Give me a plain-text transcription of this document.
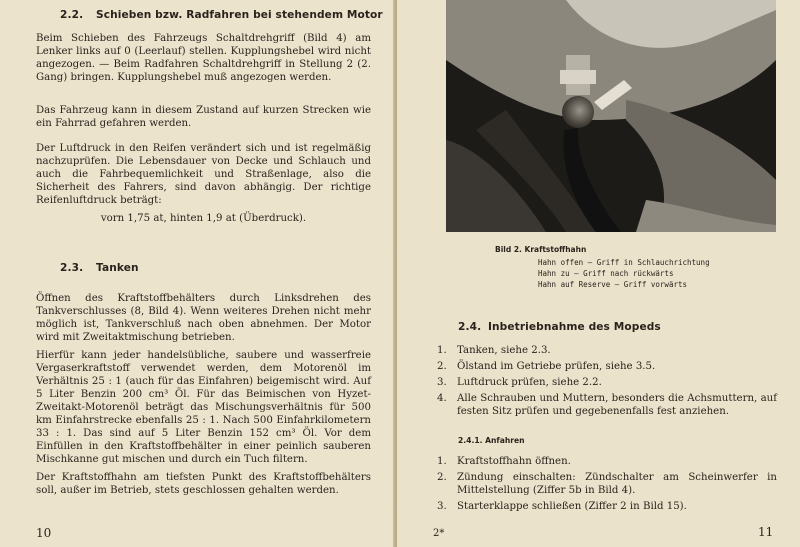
2.2. Schieben bzw. Radfahren bei stehendem Motor

Beim Schieben des Fahrzeugs Schaltdrehgriff (Bild 4) am Lenker links auf 0 (Leerlauf) stellen. Kupplungshebel wird nicht angezogen. — Beim Radfahren Schaltdrehgriff in Stellung 2 (2. Gang) bringen. Kupplungshebel muß angezogen werden.

Das Fahrzeug kann in diesem Zustand auf kurzen Strecken wie ein Fahrrad gefahren werden.

Der Luftdruck in den Reifen verändert sich und ist regelmäßig nachzuprüfen. Die Lebensdauer von Decke und Schlauch und auch die Fahrbequemlichkeit und Straßenlage, also die Sicherheit des Fahrers, sind davon abhängig. Der richtige Reifenluftdruck beträgt:

vorn 1,75 at, hinten 1,9 at (Überdruck).

2.3. Tanken

Öffnen des Kraftstoffbehälters durch Linksdrehen des Tankverschlusses (8, Bild 4). Wenn weiteres Drehen nicht mehr möglich ist, Tankverschluß nach oben abnehmen. Der Motor wird mit Zweitaktmischung betrieben.

Hierfür kann jeder handelsübliche, saubere und wasserfreie Vergaserkraftstoff verwendet werden, dem Motorenöl im Verhältnis 25 : 1 (auch für das Einfahren) beigemischt wird. Auf 5 Liter Benzin 200 cm³ Öl. Für das Beimischen von Hyzet-Zweitakt-Motorenöl beträgt das Mischungsverhältnis für 500 km Einfahrstrecke ebenfalls 25 : 1. Nach 500 Einfahrkilometern 33 : 1. Das sind auf 5 Liter Benzin 152 cm³ Öl. Vor dem Einfüllen in den Kraftstoffbehälter in einer peinlich sauberen Mischkanne gut mischen und durch ein Tuch filtern.

Der Kraftstoffhahn am tiefsten Punkt des Kraftstoffbehälters soll, außer im Betrieb, stets geschlossen gehalten werden.

10
Bild 2. Kraftstoffhahn
Hahn offen — Griff in Schlauchrichtung
Hahn zu — Griff nach rückwärts
Hahn auf Reserve — Griff vorwärts
2.4. Inbetriebnahme des Mopeds
1. Tanken, siehe 2.3.
2. Ölstand im Getriebe prüfen, siehe 3.5.
3. Luftdruck prüfen, siehe 2.2.
4. Alle Schrauben und Muttern, besonders die Achsmuttern, auf festen Sitz prüfen und gegebenenfalls fest anziehen.
2.4.1. Anfahren
1. Kraftstoffhahn öffnen.
2. Zündung einschalten: Zündschalter am Scheinwerfer in Mittelstellung (Ziffer 5b in Bild 4).
3. Starterklappe schließen (Ziffer 2 in Bild 15).
2*	11
